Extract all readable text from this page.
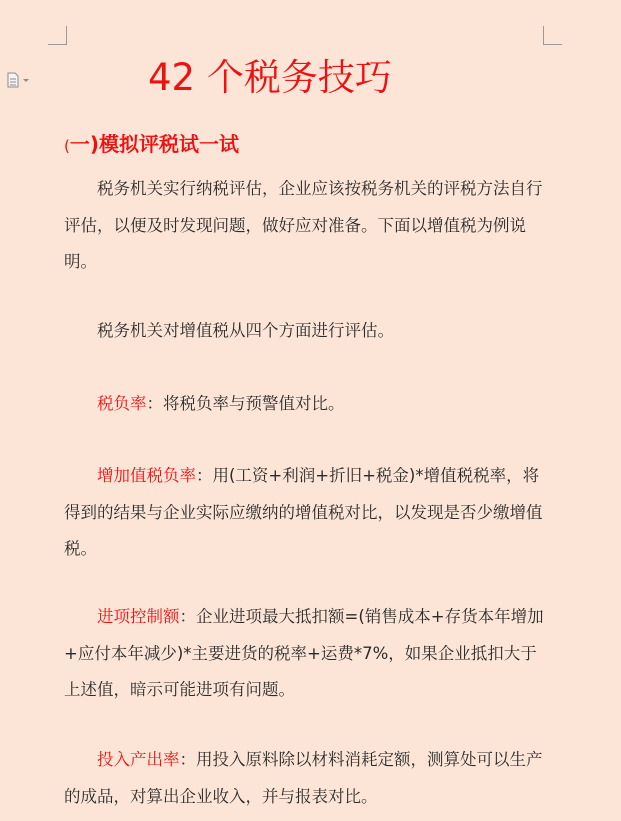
42 个税务技巧
(一)模拟评税试一试

税务机关实行纳税评估，企业应该按税务机关的评税方法自行评估，以便及时发现问题，做好应对准备。下面以增值税为例说明。

税务机关对增值税从四个方面进行评估。

税负率：将税负率与预警值对比。

增加值税负率：用(工资+利润+折旧+税金)*增值税税率，将得到的结果与企业实际应缴纳的增值税对比，以发现是否少缴增值税。

进项控制额：企业进项最大抵扣额=(销售成本+存货本年增加+应付本年减少)*主要进货的税率+运费*7%，如果企业抵扣大于上述值，暗示可能进项有问题。

投入产出率：用投入原料除以材料消耗定额，测算处可以生产的成品，对算出企业收入，并与报表对比。
